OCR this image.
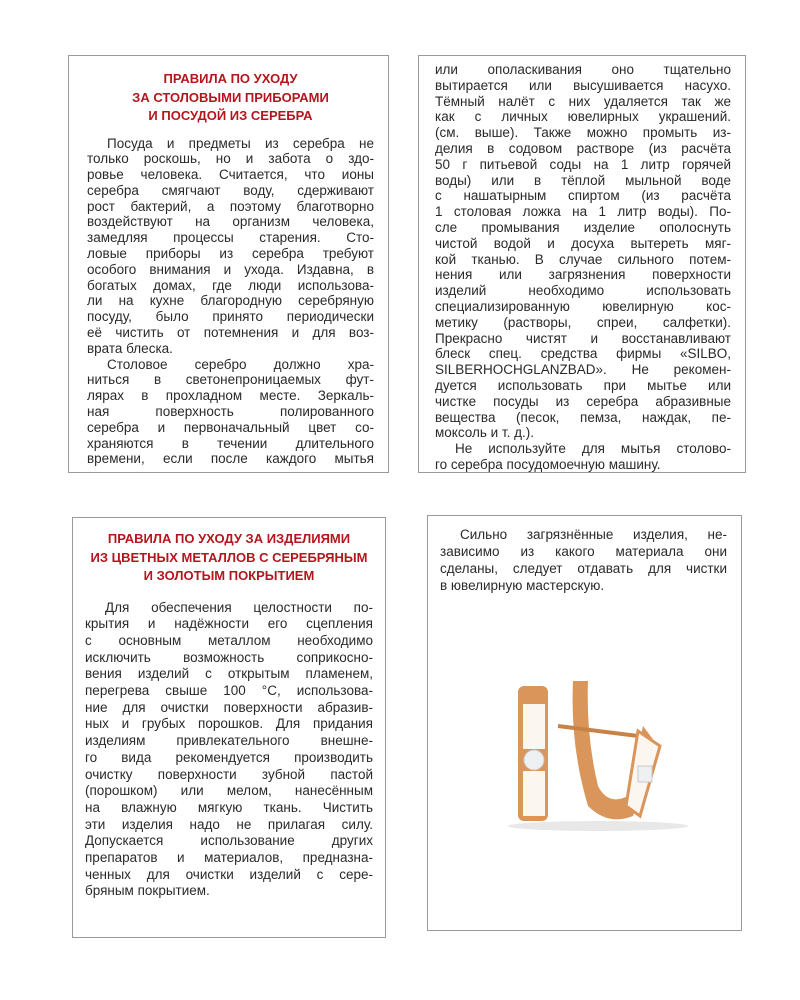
ПРАВИЛА ПО УХОДУ
ЗА СТОЛОВЫМИ ПРИБОРАМИ
И ПОСУДОЙ ИЗ СЕРЕБРА
Посуда и предметы из серебра не
только роскошь, но и забота о здо-
ровье человека. Считается, что ионы
серебра смягчают воду, сдерживают
рост бактерий, а поэтому благотворно
воздействуют на организм человека,
замедляя процессы старения. Сто-
ловые приборы из серебра требуют
особого внимания и ухода. Издавна, в
богатых домах, где люди использова-
ли на кухне благородную серебряную
посуду, было принято периодически
её чистить от потемнения и для воз-
врата блеска.
Столовое серебро должно хра-
ниться в светонепроницаемых фут-
лярах в прохладном месте. Зеркаль-
ная поверхность полированного
серебра и первоначальный цвет со-
храняются в течении длительного
времени, если после каждого мытья
или ополаскивания оно тщательно
вытирается или высушивается насухо.
Тёмный налёт с них удаляется так же
как с личных ювелирных украшений.
(см. выше). Также можно промыть из-
делия в содовом растворе (из расчёта
50 г питьевой соды на 1 литр горячей
воды) или в тёплой мыльной воде
с нашатырным спиртом (из расчёта
1 столовая ложка на 1 литр воды). По-
сле промывания изделие ополоснуть
чистой водой и досуха вытереть мяг-
кой тканью. В случае сильного потем-
нения или загрязнения поверхности
изделий необходимо использовать
специализированную ювелирную кос-
метику (растворы, спреи, салфетки).
Прекрасно чистят и восстанавливают
блеск спец. средства фирмы «SILBO,
SILBERHOCHGLANZBAD». Не рекомен-
дуется использовать при мытье или
чистке посуды из серебра абразивные
вещества (песок, пемза, наждак, пе-
моксоль и т. д.).
Не используйте для мытья столово-
го серебра посудомоечную машину.
ПРАВИЛА ПО УХОДУ ЗА ИЗДЕЛИЯМИ
ИЗ ЦВЕТНЫХ МЕТАЛЛОВ С СЕРЕБРЯНЫМ
И ЗОЛОТЫМ ПОКРЫТИЕМ
Для обеспечения целостности по-
крытия и надёжности его сцепления
с основным металлом необходимо
исключить возможность соприкосно-
вения изделий с открытым пламенем,
перегрева свыше 100 °С, использова-
ние для очистки поверхности абразив-
ных и грубых порошков. Для придания
изделиям привлекательного внешне-
го вида рекомендуется производить
очистку поверхности зубной пастой
(порошком) или мелом, нанесённым
на влажную мягкую ткань. Чистить
эти изделия надо не прилагая силу.
Допускается использование других
препаратов и материалов, предназна-
ченных для очистки изделий с сере-
бряным покрытием.
Сильно загрязнённые изделия, не-
зависимо из какого материала они
сделаны, следует отдавать для чистки
в ювелирную мастерскую.
